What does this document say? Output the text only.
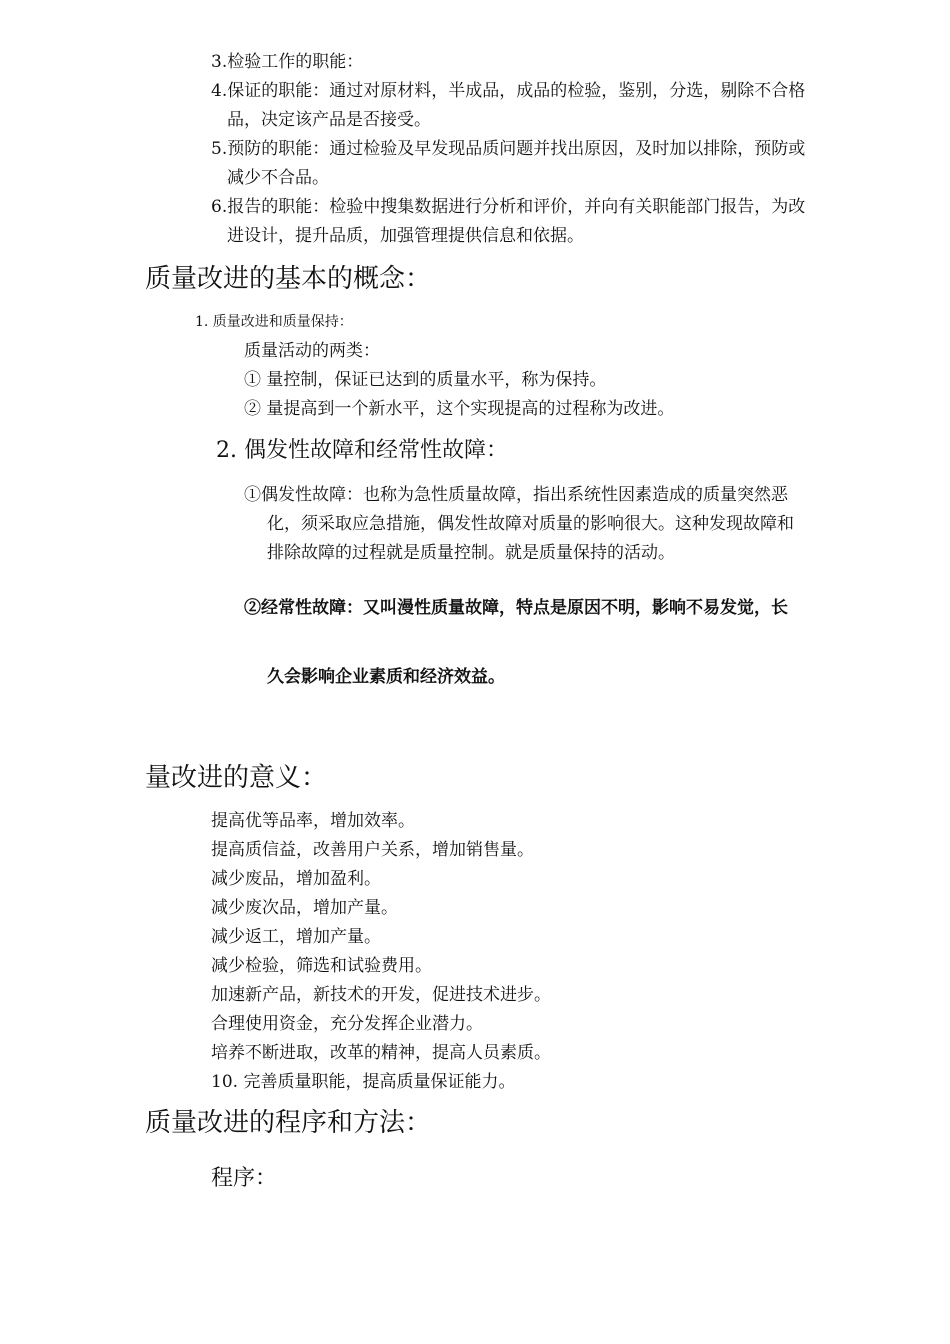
3.检验工作的职能：
4.保证的职能：通过对原材料，半成品，成品的检验，鉴别，分选，剔除不合格
品，决定该产品是否接受。
5.预防的职能：通过检验及早发现品质问题并找出原因，及时加以排除，预防或
减少不合品。
6.报告的职能：检验中搜集数据进行分析和评价，并向有关职能部门报告，为改
进设计，提升品质，加强管理提供信息和依据。
质量改进的基本的概念：
1. 质量改进和质量保持：
质量活动的两类：
① 量控制，保证已达到的质量水平，称为保持。
② 量提高到一个新水平，这个实现提高的过程称为改进。
2. 偶发性故障和经常性故障：
①偶发性故障：也称为急性质量故障，指出系统性因素造成的质量突然恶
化，须采取应急措施，偶发性故障对质量的影响很大。这种发现故障和
排除故障的过程就是质量控制。就是质量保持的活动。
②经常性故障：又叫漫性质量故障，特点是原因不明，影响不易发觉，长
久会影响企业素质和经济效益。
量改进的意义：
提高优等品率，增加效率。
提高质信益，改善用户关系，增加销售量。
减少废品，增加盈利。
减少废次品，增加产量。
减少返工，增加产量。
减少检验，筛选和试验费用。
加速新产品，新技术的开发，促进技术进步。
合理使用资金，充分发挥企业潜力。
培养不断进取，改革的精神，提高人员素质。
10. 完善质量职能，提高质量保证能力。
质量改进的程序和方法：
程序：
